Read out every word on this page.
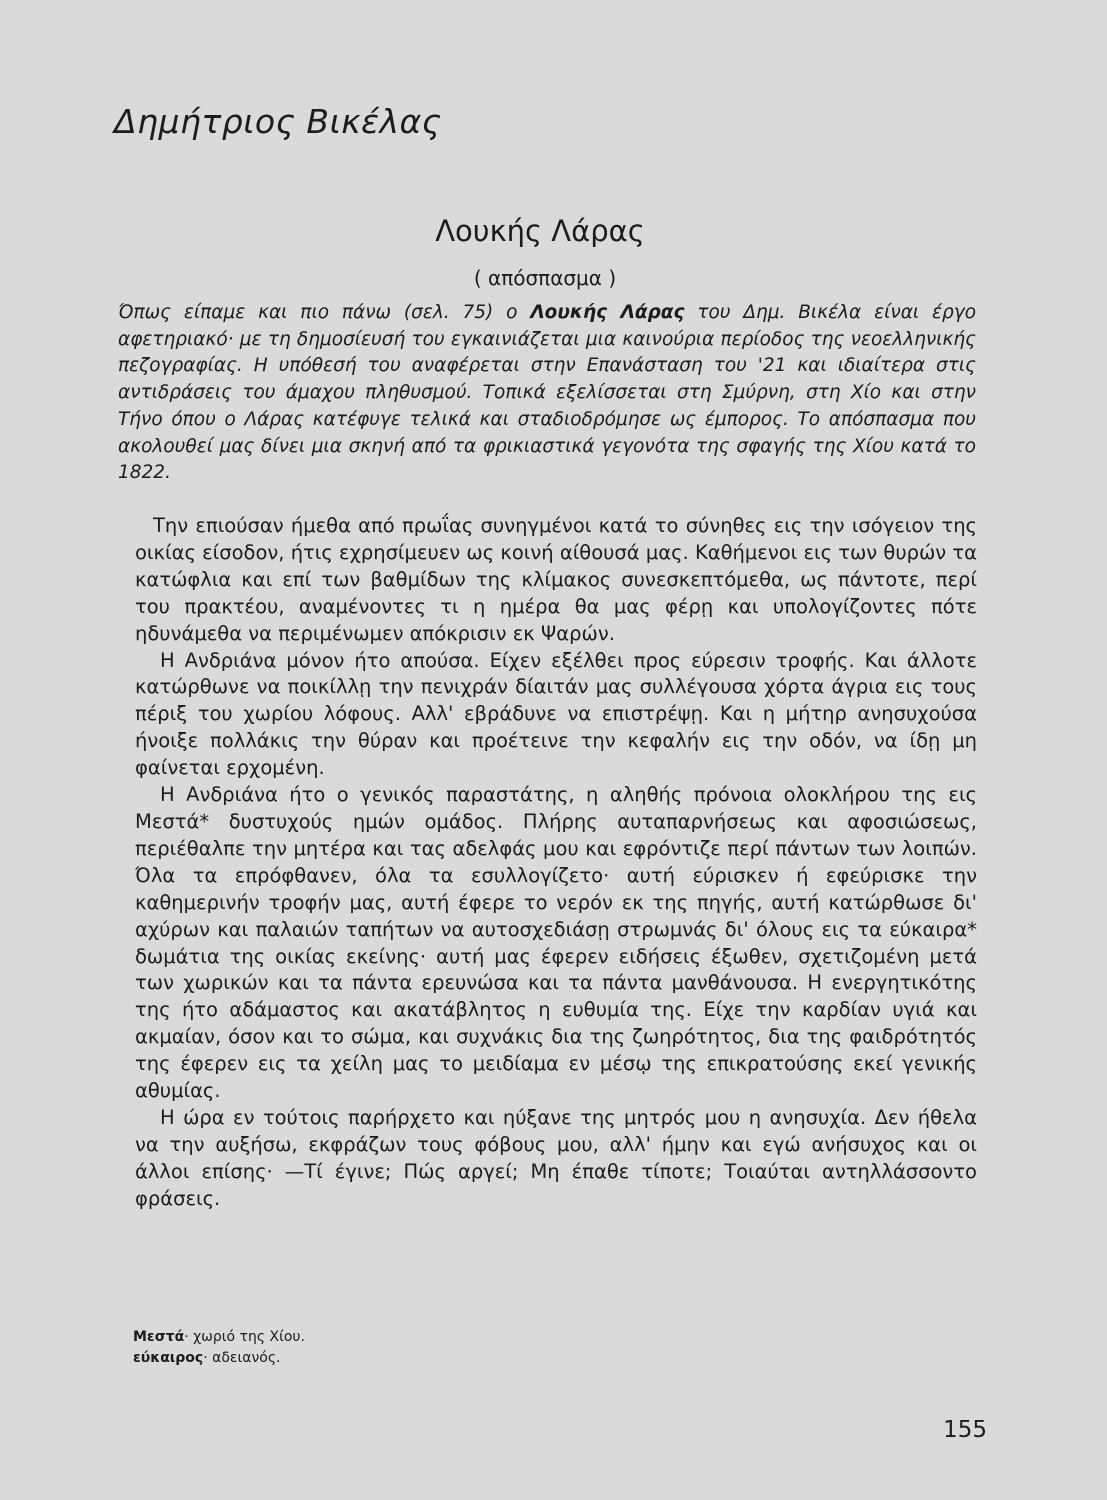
Δημήτριος Βικέλας
Λουκής Λάρας
( απόσπασμα )

Όπως είπαμε και πιο πάνω (σελ. 75) ο Λουκής Λάρας του Δημ. Βικέλα είναι έργο αφετηριακό· με τη δημοσίευσή του εγκαινιάζεται μια καινούρια περίοδος της νεοελληνικής πεζογραφίας. Η υπόθεσή του αναφέρεται στην Επανάσταση του '21 και ιδιαίτερα στις αντιδράσεις του άμαχου πληθυσμού. Τοπικά εξελίσσεται στη Σμύρνη, στη Χίο και στην Τήνο όπου ο Λάρας κατέφυγε τελικά και σταδιοδρόμησε ως έμπορος. Το απόσπασμα που ακολουθεί μας δίνει μια σκηνή από τα φρικιαστικά γεγονότα της σφαγής της Χίου κατά το 1822.

Την επιούσαν ήμεθα από πρωΐας συνηγμένοι κατά το σύνηθες εις την ισόγειον της οικίας είσοδον, ήτις εχρησίμευεν ως κοινή αίθουσά μας. Καθήμενοι εις των θυρών τα κατώφλια και επί των βαθμίδων της κλίμακος συνεσκεπτόμεθα, ως πάντοτε, περί του πρακτέου, αναμένοντες τι η ημέρα θα μας φέρῃ και υπολογίζοντες πότε ηδυνάμεθα να περιμένωμεν απόκρισιν εκ Ψαρών.

Η Ανδριάνα μόνον ήτο απούσα. Είχεν εξέλθει προς εύρεσιν τροφής. Και άλλοτε κατώρθωνε να ποικίλλῃ την πενιχράν δίαιτάν μας συλλέγουσα χόρτα άγρια εις τους πέριξ του χωρίου λόφους. Αλλ' εβράδυνε να επιστρέψῃ. Και η μήτηρ ανησυχούσα ήνοιξε πολλάκις την θύραν και προέτεινε την κεφαλήν εις την οδόν, να ίδῃ μη φαίνεται ερχομένη.

Η Ανδριάνα ήτο ο γενικός παραστάτης, η αληθής πρόνοια ολοκλήρου της εις Μεστά* δυστυχούς ημών ομάδος. Πλήρης αυταπαρνήσεως και αφοσιώσεως, περιέθαλπε την μητέρα και τας αδελφάς μου και εφρόντιζε περί πάντων των λοιπών. Όλα τα επρόφθανεν, όλα τα εσυλλογίζετο· αυτή εύρισκεν ή εφεύρισκε την καθημερινήν τροφήν μας, αυτή έφερε το νερόν εκ της πηγής, αυτή κατώρθωσε δι' αχύρων και παλαιών ταπήτων να αυτοσχεδιάσῃ στρωμνάς δι' όλους εις τα εύκαιρα* δωμάτια της οικίας εκείνης· αυτή μας έφερεν ειδήσεις έξωθεν, σχετιζομένη μετά των χωρικών και τα πάντα ερευνώσα και τα πάντα μανθάνουσα. Η ενεργητικότης της ήτο αδάμαστος και ακατάβλητος η ευθυμία της. Είχε την καρδίαν υγιά και ακμαίαν, όσον και το σώμα, και συχνάκις δια της ζωηρότητος, δια της φαιδρότητός της έφερεν εις τα χείλη μας το μειδίαμα εν μέσῳ της επικρατούσης εκεί γενικής αθυμίας.

Η ώρα εν τούτοις παρήρχετο και ηύξανε της μητρός μου η ανησυχία. Δεν ήθελα να την αυξήσω, εκφράζων τους φόβους μου, αλλ' ήμην και εγώ ανήσυχος και οι άλλοι επίσης· —Τί έγινε; Πώς αργεί; Μη έπαθε τίποτε; Τοιαύται αντηλλάσσοντο φράσεις.

Μεστά· χωριό της Χίου.
εύκαιρος· αδειανός.
155
